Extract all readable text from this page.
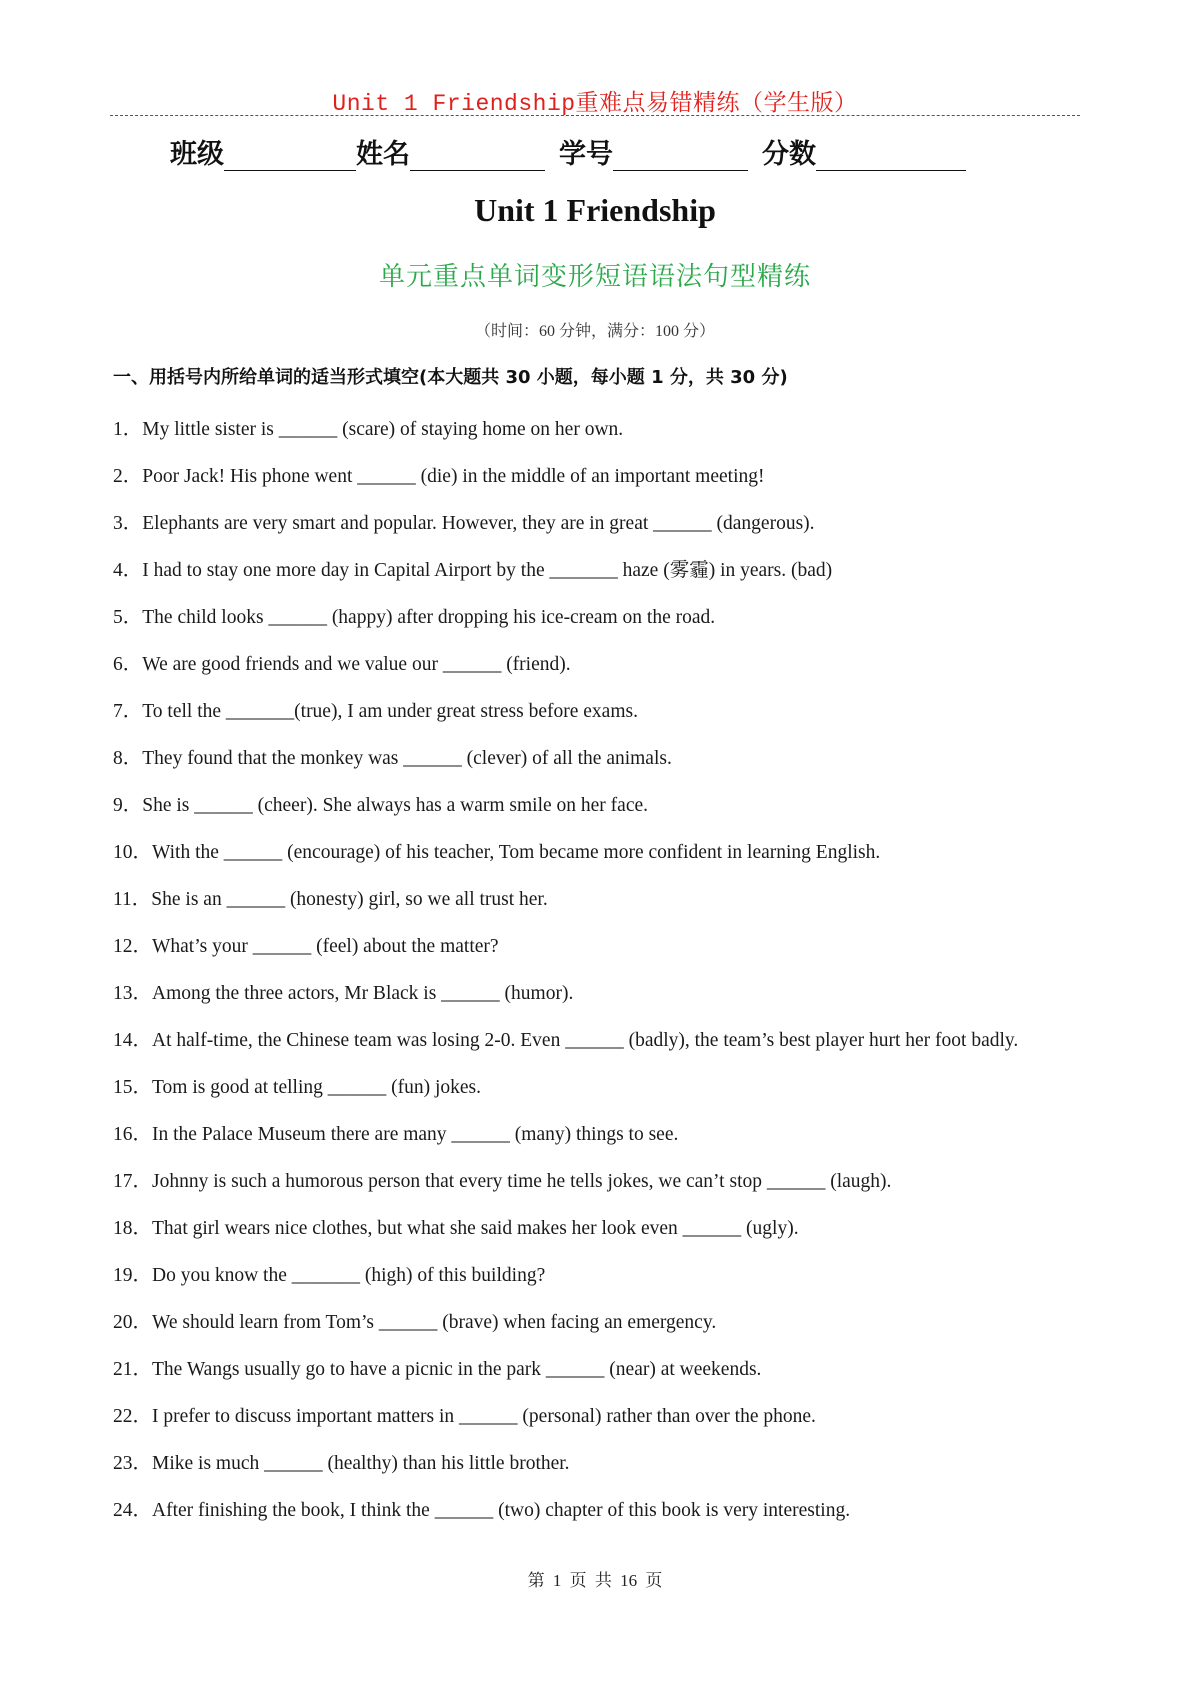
Unit 1 Friendship重难点易错精练（学生版）
班级	姓名	学号	分数
Unit 1 Friendship
单元重点单词变形短语语法句型精练
（时间：60 分钟，满分：100 分）
一、用括号内所给单词的适当形式填空(本大题共 30 小题，每小题 1 分，共 30 分)
1．My little sister is ______ (scare) of staying home on her own.
2．Poor Jack! His phone went ______ (die) in the middle of an important meeting!
3．Elephants are very smart and popular. However, they are in great ______ (dangerous).
4．I had to stay one more day in Capital Airport by the _______ haze (雾霾) in years. (bad)
5．The child looks ______ (happy) after dropping his ice-cream on the road.
6．We are good friends and we value our ______ (friend).
7．To tell the _______(true), I am under great stress before exams.
8．They found that the monkey was ______ (clever) of all the animals.
9．She is ______ (cheer). She always has a warm smile on her face.
10．With the ______ (encourage) of his teacher, Tom became more confident in learning English.
11．She is an ______ (honesty) girl, so we all trust her.
12．What’s your ______ (feel) about the matter?
13．Among the three actors, Mr Black is ______ (humor).
14．At half-time, the Chinese team was losing 2-0. Even ______ (badly), the team’s best player hurt her foot badly.
15．Tom is good at telling ______ (fun) jokes.
16．In the Palace Museum there are many ______ (many) things to see.
17．Johnny is such a humorous person that every time he tells jokes, we can’t stop ______ (laugh).
18．That girl wears nice clothes, but what she said makes her look even ______ (ugly).
19．Do you know the _______ (high) of this building?
20．We should learn from Tom’s ______ (brave) when facing an emergency.
21．The Wangs usually go to have a picnic in the park ______ (near) at weekends.
22．I prefer to discuss important matters in ______ (personal) rather than over the phone.
23．Mike is much ______ (healthy) than his little brother.
24．After finishing the book, I think the ______ (two) chapter of this book is very interesting.
第 1 页 共 16 页
